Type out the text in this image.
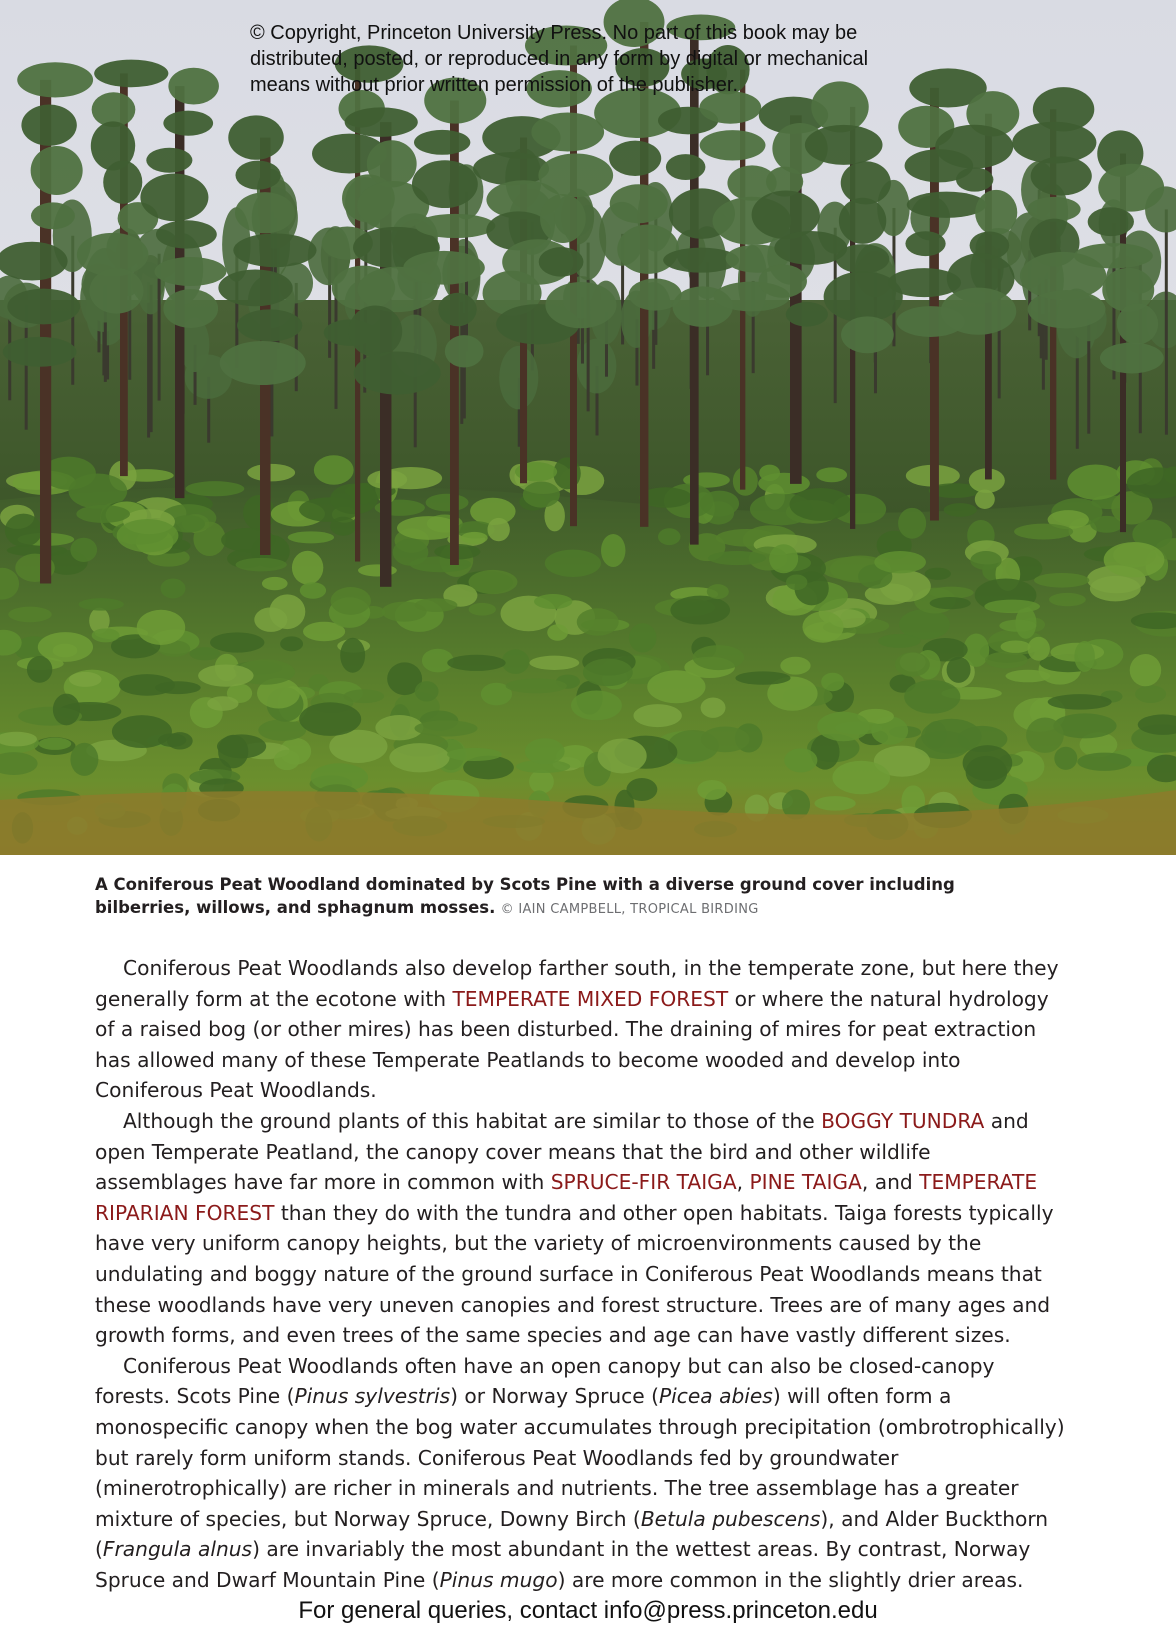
© Copyright, Princeton University Press. No part of this book may be
distributed, posted, or reproduced in any form by digital or mechanical
means without prior written permission of the publisher.
A Coniferous Peat Woodland dominated by Scots Pine with a diverse ground cover including bilberries, willows, and sphagnum mosses. © IAIN CAMPBELL, TROPICAL BIRDING

Coniferous Peat Woodlands also develop farther south, in the temperate zone, but here they generally form at the ecotone with TEMPERATE MIXED FOREST or where the natural hydrology of a raised bog (or other mires) has been disturbed. The draining of mires for peat extraction has allowed many of these Temperate Peatlands to become wooded and develop into Coniferous Peat Woodlands.

Although the ground plants of this habitat are similar to those of the BOGGY TUNDRA and open Temperate Peatland, the canopy cover means that the bird and other wildlife assemblages have far more in common with SPRUCE-FIR TAIGA, PINE TAIGA, and TEMPERATE RIPARIAN FOREST than they do with the tundra and other open habitats. Taiga forests typically have very uniform canopy heights, but the variety of microenvironments caused by the undulating and boggy nature of the ground surface in Coniferous Peat Woodlands means that these woodlands have very uneven canopies and forest structure. Trees are of many ages and growth forms, and even trees of the same species and age can have vastly different sizes.

Coniferous Peat Woodlands often have an open canopy but can also be closed-canopy forests. Scots Pine (Pinus sylvestris) or Norway Spruce (Picea abies) will often form a monospecific canopy when the bog water accumulates through precipitation (ombrotrophically) but rarely form uniform stands. Coniferous Peat Woodlands fed by groundwater (minerotrophically) are richer in minerals and nutrients. The tree assemblage has a greater mixture of species, but Norway Spruce, Downy Birch (Betula pubescens), and Alder Buckthorn (Frangula alnus) are invariably the most abundant in the wettest areas. By contrast, Norway Spruce and Dwarf Mountain Pine (Pinus mugo) are more common in the slightly drier areas.

For general queries, contact info@press.princeton.edu
